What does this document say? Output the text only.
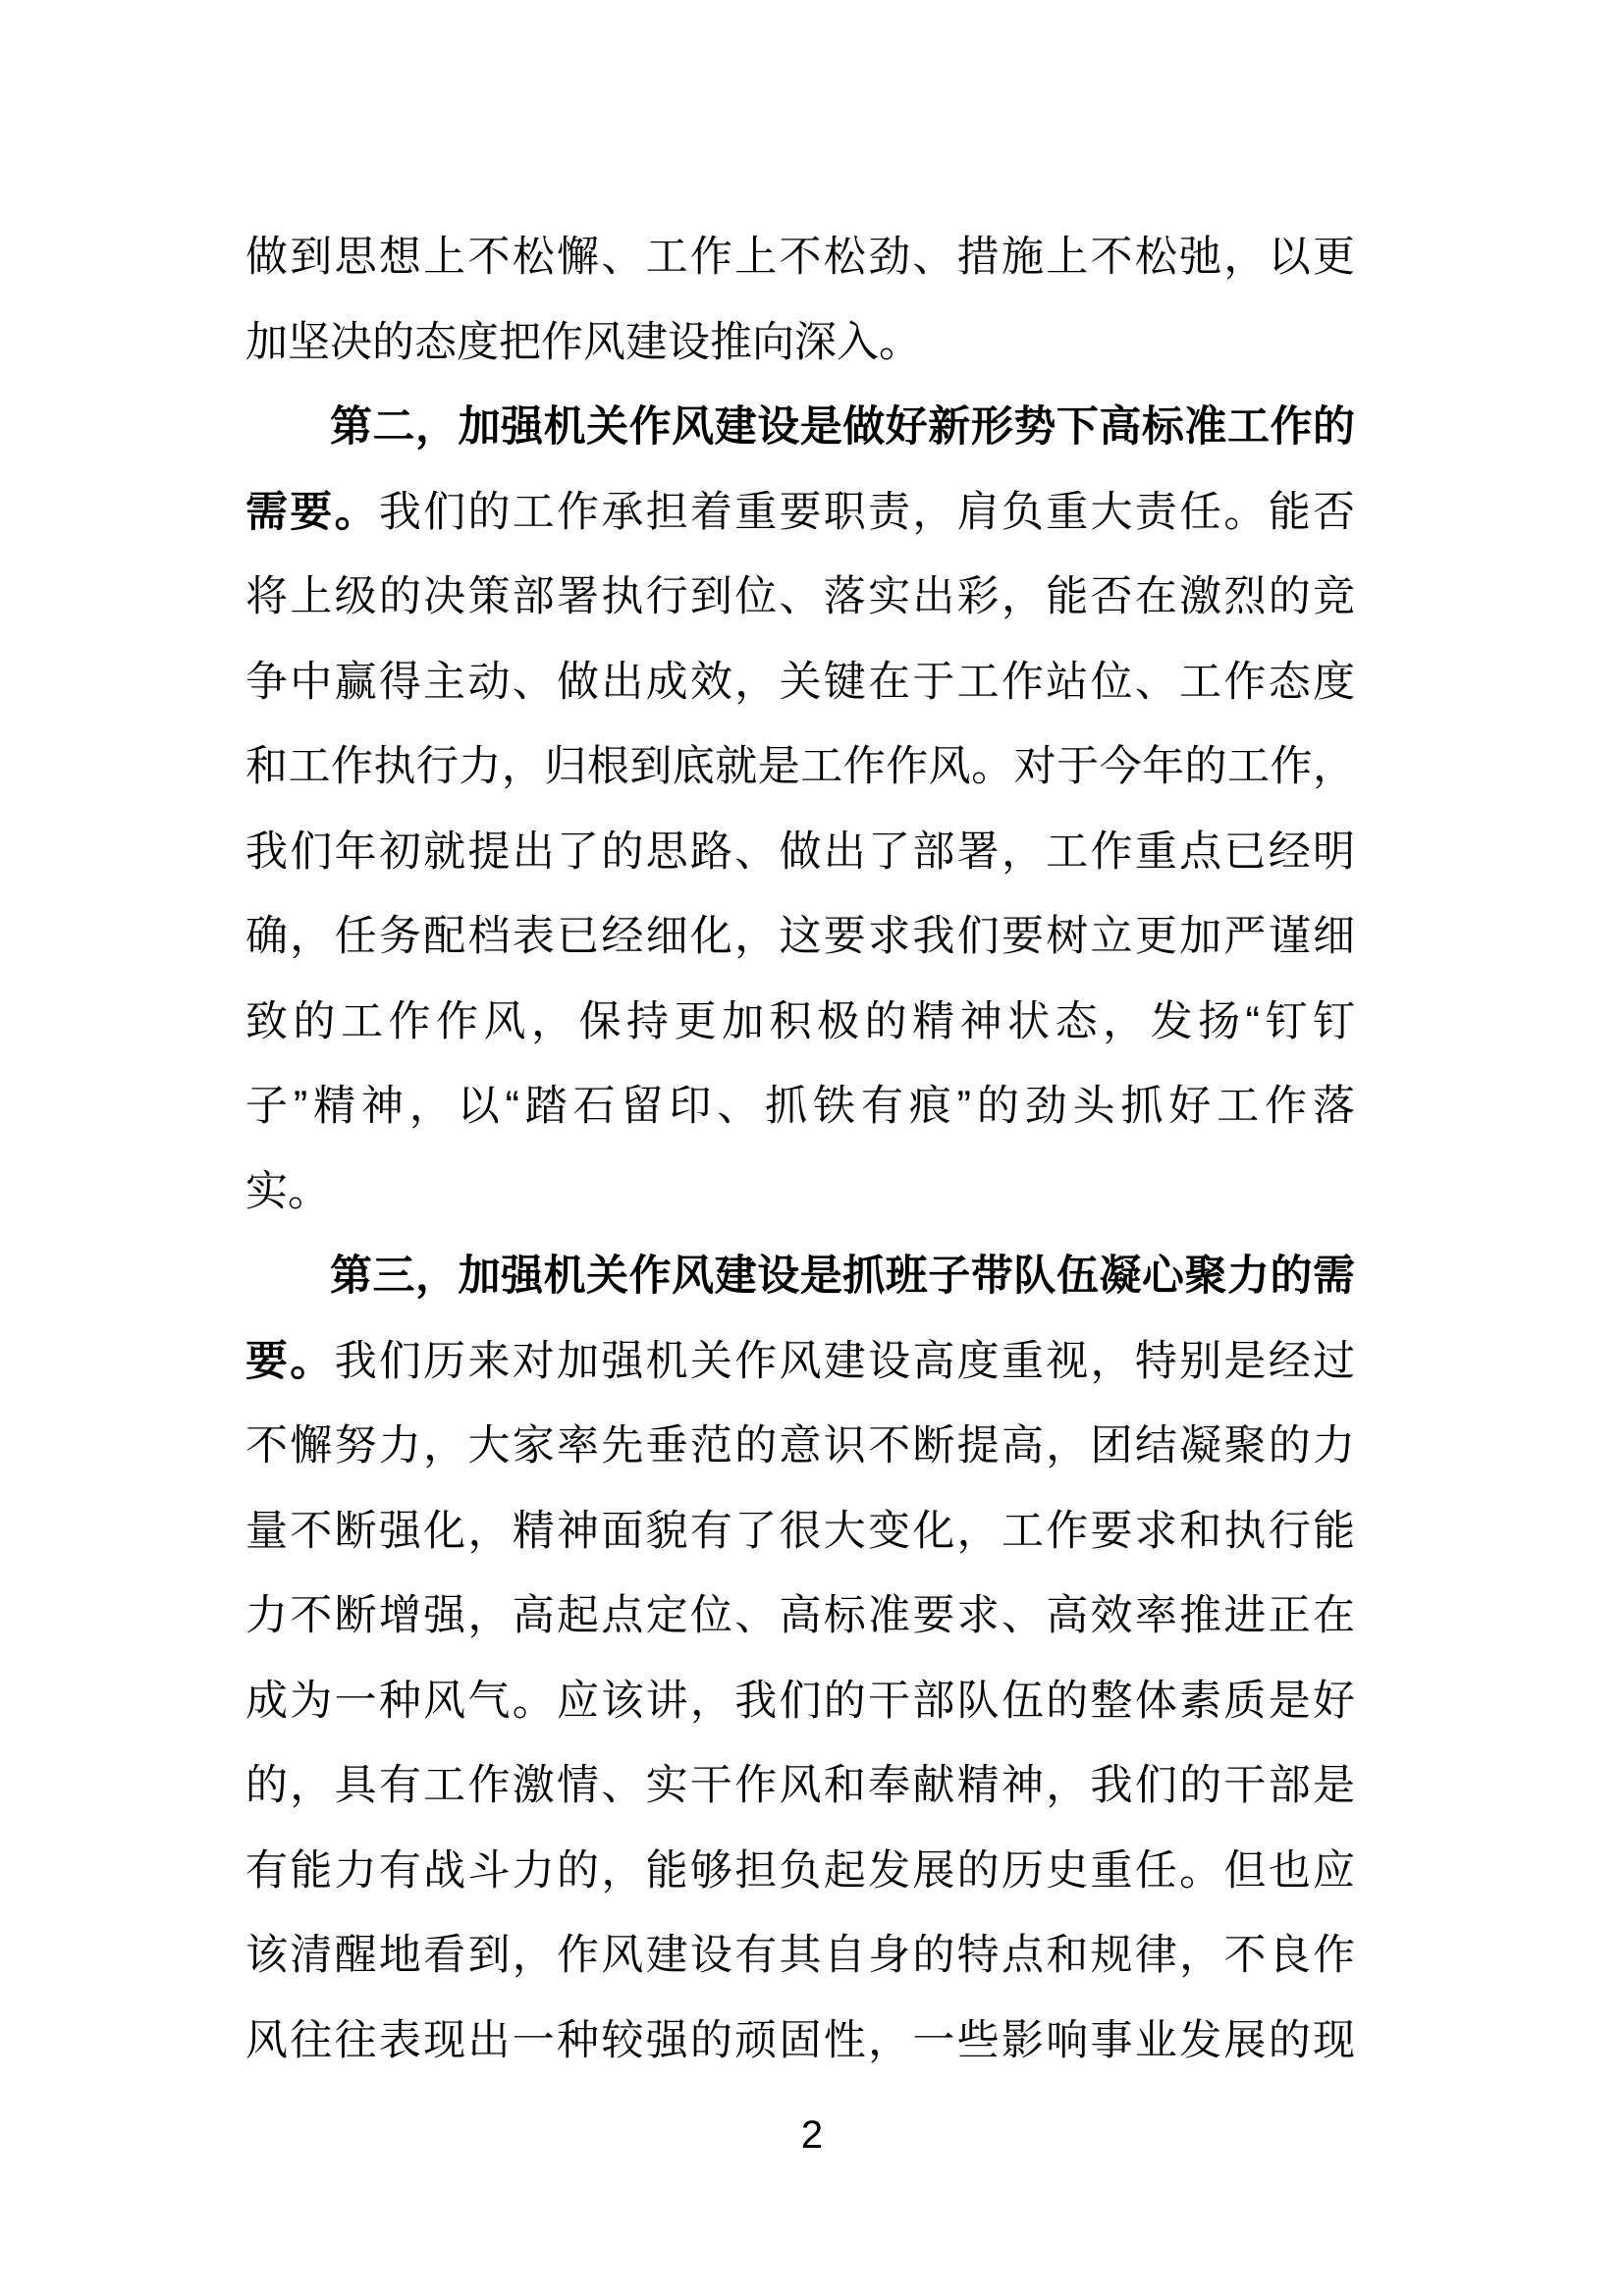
做到思想上不松懈、工作上不松劲、措施上不松弛，以更
加坚决的态度把作风建设推向深入。
第二，加强机关作风建设是做好新形势下高标准工作的
需要。我们的工作承担着重要职责，肩负重大责任。能否
将上级的决策部署执行到位、落实出彩，能否在激烈的竞
争中赢得主动、做出成效，关键在于工作站位、工作态度
和工作执行力，归根到底就是工作作风。对于今年的工作，
我们年初就提出了的思路、做出了部署，工作重点已经明
确，任务配档表已经细化，这要求我们要树立更加严谨细
致的工作作风，保持更加积极的精神状态，发扬“钉钉
子”精神，以“踏石留印、抓铁有痕”的劲头抓好工作落
实。
第三，加强机关作风建设是抓班子带队伍凝心聚力的需
要。我们历来对加强机关作风建设高度重视，特别是经过
不懈努力，大家率先垂范的意识不断提高，团结凝聚的力
量不断强化，精神面貌有了很大变化，工作要求和执行能
力不断增强，高起点定位、高标准要求、高效率推进正在
成为一种风气。应该讲，我们的干部队伍的整体素质是好
的，具有工作激情、实干作风和奉献精神，我们的干部是
有能力有战斗力的，能够担负起发展的历史重任。但也应
该清醒地看到，作风建设有其自身的特点和规律，不良作
风往往表现出一种较强的顽固性，一些影响事业发展的现
2
